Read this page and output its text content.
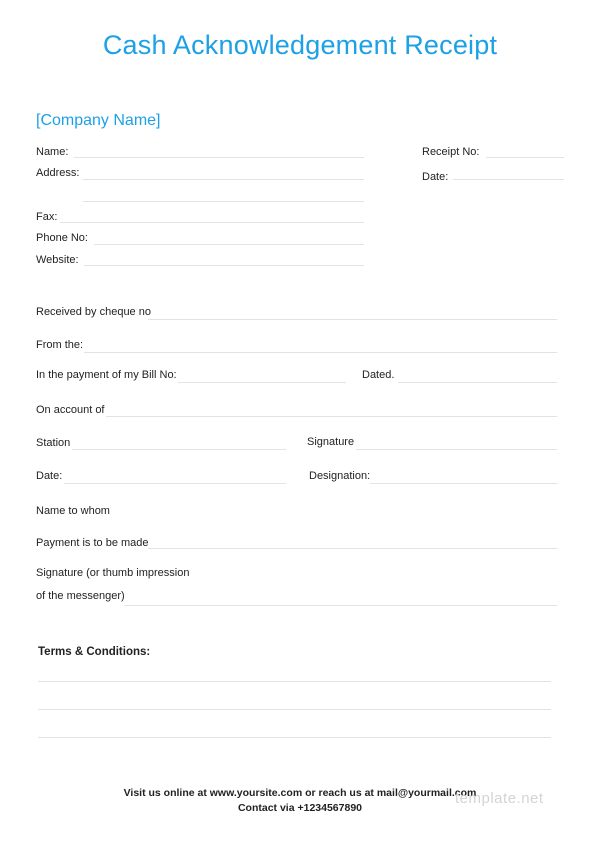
Cash Acknowledgement Receipt
[Company Name]
Name:
Address:
Fax:
Phone No:
Website:
Receipt No:
Date:
Received by cheque no
From the:
In the payment of my Bill No:	Dated.
On account of
Station	Signature
Date:	Designation:
Name to whom
Payment is to be made
Signature (or thumb impression
of the messenger)
Terms & Conditions:
Visit us online at www.yoursite.com or reach us at mail@yourmail.com
Contact via +1234567890
template.net
